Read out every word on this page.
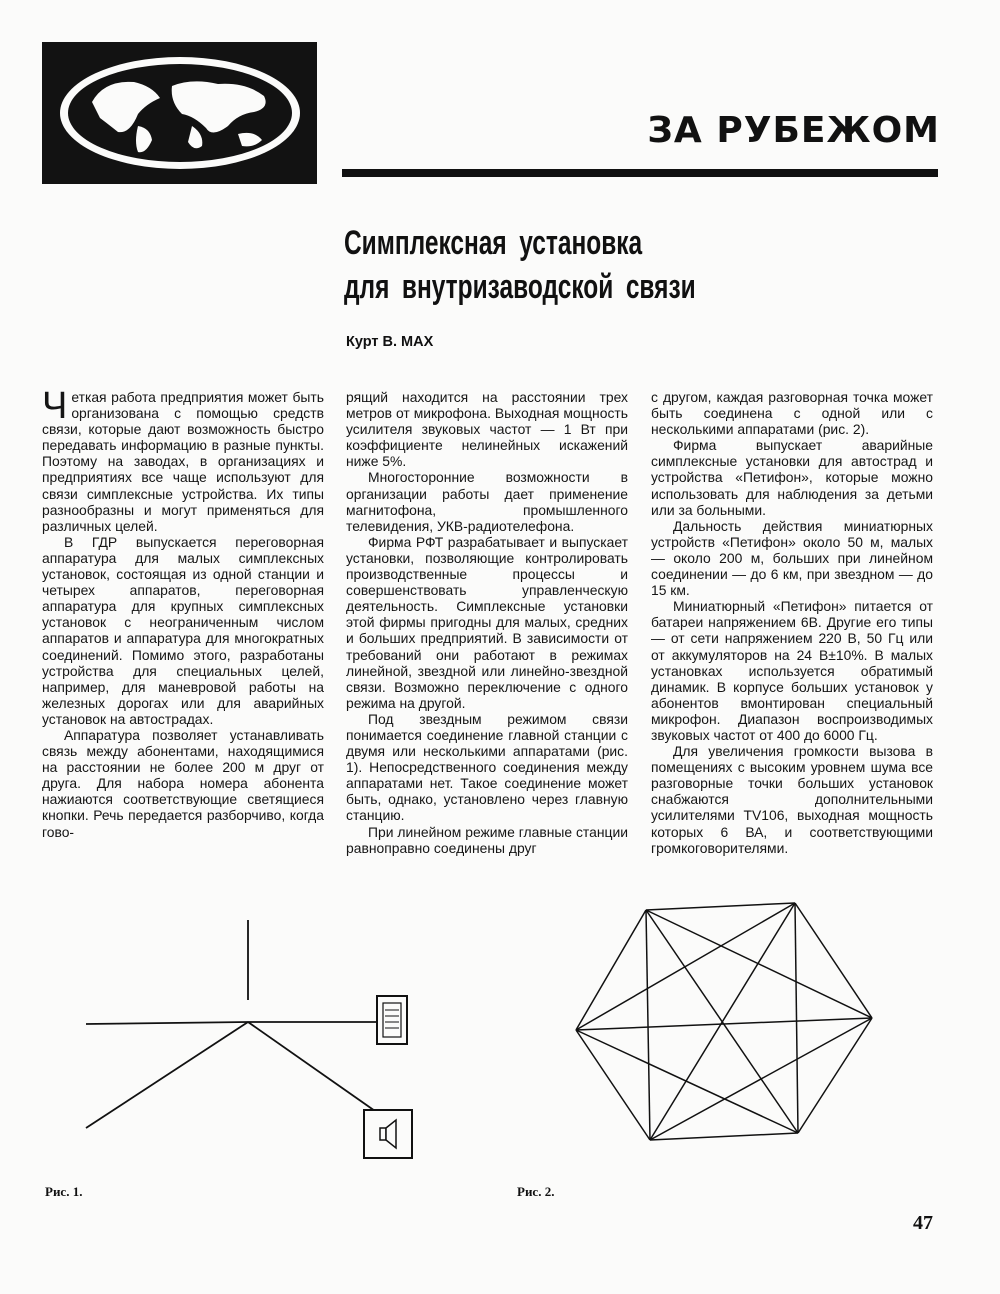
ЗА РУБЕЖОМ
Симплексная установка
для внутризаводской связи
Курт В. МАХ

Четкая работа предприятия может быть организована с помощью средств связи, которые дают возможность быстро передавать информацию в разные пункты. Поэтому на заводах, в организациях и предприятиях все чаще используют для связи симплексные устройства. Их типы разнообразны и могут применяться для различных целей.

В ГДР выпускается переговорная аппаратура для малых симплексных установок, состоящая из одной станции и четырех аппаратов, переговорная аппаратура для крупных симплексных установок с неограниченным числом аппаратов и аппаратура для многократных соединений. Помимо этого, разработаны устройства для специальных целей, например, для маневровой работы на железных дорогах или для аварийных установок на автострадах.

Аппаратура позволяет устанавливать связь между абонентами, находящимися на расстоянии не более 200 м друг от друга. Для набора номера абонента нажиаются соответствующие светящиеся кнопки. Речь передается разборчиво, когда гово-

рящий находится на расстоянии трех метров от микрофона. Выходная мощность усилителя звуковых частот — 1 Вт при коэффициенте нелинейных искажений ниже 5%.

Многосторонние возможности в организации работы дает применение магнитофона, промышленного телевидения, УКВ-радиотелефона.

Фирма РФТ разрабатывает и выпускает установки, позволяющие контролировать производственные процессы и совершенствовать управленческую деятельность. Симплексные установки этой фирмы пригодны для малых, средних и больших предприятий. В зависимости от требований они работают в режимах линейной, звездной или линейно-звездной связи. Возможно переключение с одного режима на другой.

Под звездным режимом связи понимается соединение главной станции с двумя или несколькими аппаратами (рис. 1). Непосредственного соединения между аппаратами нет. Такое соединение может быть, однако, установлено через главную станцию.

При линейном режиме главные станции равноправно соединены друг

с другом, каждая разговорная точка может быть соединена с одной или с несколькими аппаратами (рис. 2).

Фирма выпускает аварийные симплексные установки для автострад и устройства «Петифон», которые можно использовать для наблюдения за детьми или за больными.

Дальность действия миниатюрных устройств «Петифон» около 50 м, малых — около 200 м, больших при линейном соединении — до 6 км, при звездном — до 15 км.

Миниатюрный «Петифон» питается от батареи напряжением 6В. Другие его типы — от сети напряжением 220 В, 50 Гц или от аккумуляторов на 24 В±10%. В малых установках используется обратимый динамик. В корпусе больших установок у абонентов вмонтирован специальный микрофон. Диапазон воспроизводимых звуковых частот от 400 до 6000 Гц.

Для увеличения громкости вызова в помещениях с высоким уровнем шума все разговорные точки больших установок снабжаются дополнительными усилителями TV106, выходная мощность которых 6 ВА, и соответствующими громкоговорителями.

Рис. 1.	Рис. 2.
47
